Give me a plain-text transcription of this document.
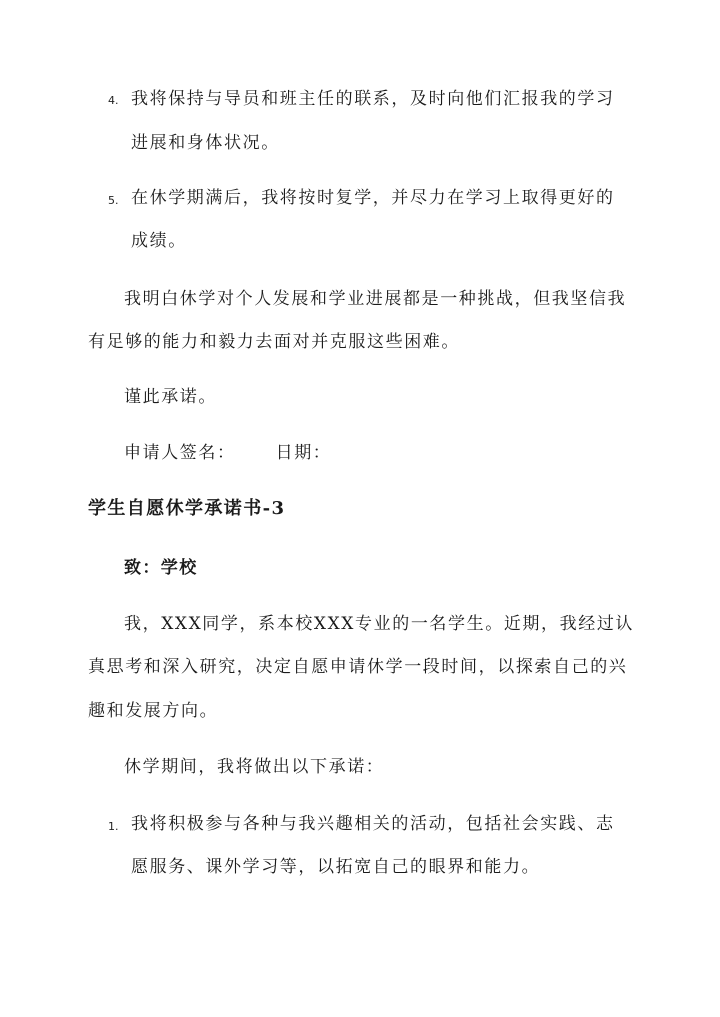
4. 我将保持与导员和班主任的联系，及时向他们汇报我的学习
进展和身体状况。
5. 在休学期满后，我将按时复学，并尽力在学习上取得更好的
成绩。
我明白休学对个人发展和学业进展都是一种挑战，但我坚信我
有足够的能力和毅力去面对并克服这些困难。
谨此承诺。
申请人签名： 日期：
学生自愿休学承诺书-3
致：学校
我，XXX同学，系本校XXX专业的一名学生。近期，我经过认
真思考和深入研究，决定自愿申请休学一段时间，以探索自己的兴
趣和发展方向。
休学期间，我将做出以下承诺：
1. 我将积极参与各种与我兴趣相关的活动，包括社会实践、志
愿服务、课外学习等，以拓宽自己的眼界和能力。
